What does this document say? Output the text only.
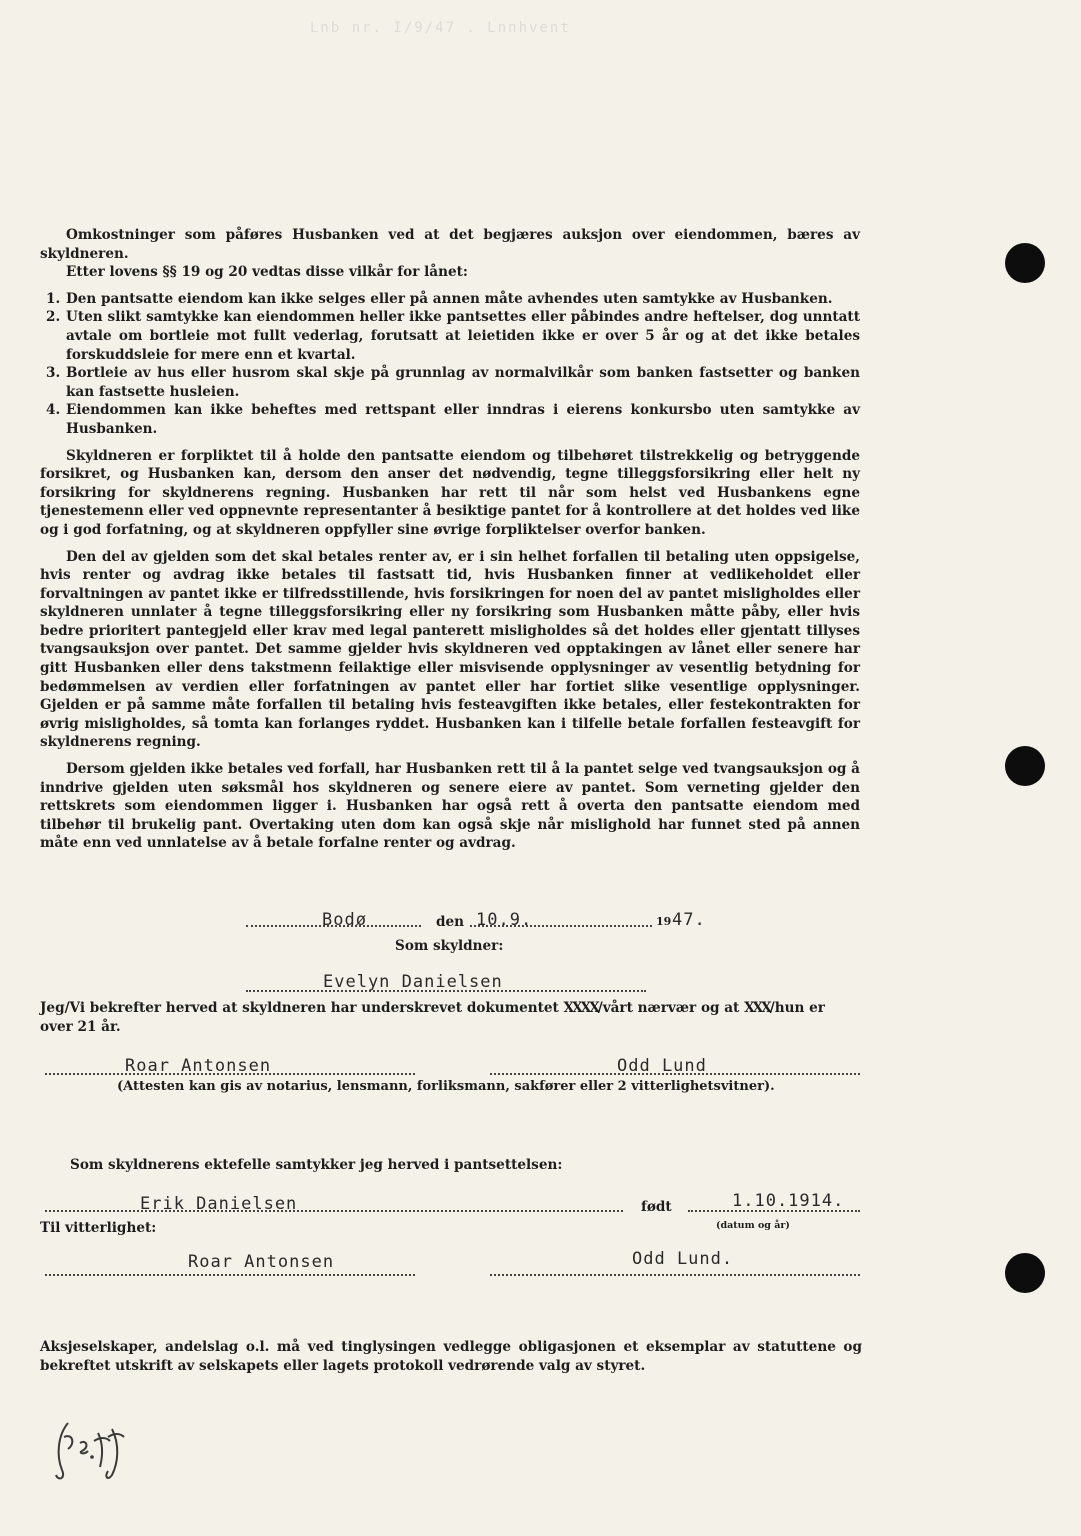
Lnb nr. I/9/47 . Lnnhvent

Omkostninger som påføres Husbanken ved at det begjæres auksjon over eiendommen, bæres av skyldneren.

Etter lovens §§ 19 og 20 vedtas disse vilkår for lånet:

1. Den pantsatte eiendom kan ikke selges eller på annen måte avhendes uten samtykke av Husbanken.
2. Uten slikt samtykke kan eiendommen heller ikke pantsettes eller påbindes andre heftelser, dog unntatt avtale om bortleie mot fullt vederlag, forutsatt at leietiden ikke er over 5 år og at det ikke betales forskuddsleie for mere enn et kvartal.
3. Bortleie av hus eller husrom skal skje på grunnlag av normalvilkår som banken fastsetter og banken kan fastsette husleien.
4. Eiendommen kan ikke beheftes med rettspant eller inndras i eierens konkursbo uten samtykke av Husbanken.

Skyldneren er forpliktet til å holde den pantsatte eiendom og tilbehøret tilstrekkelig og betryggende forsikret, og Husbanken kan, dersom den anser det nødvendig, tegne tilleggsforsikring eller helt ny forsikring for skyldnerens regning. Husbanken har rett til når som helst ved Husbankens egne tjenestemenn eller ved oppnevnte representanter å besiktige pantet for å kontrollere at det holdes ved like og i god forfatning, og at skyldneren oppfyller sine øvrige forpliktelser overfor banken.

Den del av gjelden som det skal betales renter av, er i sin helhet forfallen til betaling uten oppsigelse, hvis renter og avdrag ikke betales til fastsatt tid, hvis Husbanken finner at vedlikeholdet eller forvaltningen av pantet ikke er tilfredsstillende, hvis forsikringen for noen del av pantet misligholdes eller skyldneren unnlater å tegne tilleggsforsikring eller ny forsikring som Husbanken måtte påby, eller hvis bedre prioritert pantegjeld eller krav med legal panterett misligholdes så det holdes eller gjentatt tillyses tvangsauksjon over pantet. Det samme gjelder hvis skyldneren ved opptakingen av lånet eller senere har gitt Husbanken eller dens takstmenn feilaktige eller misvisende opplysninger av vesentlig betydning for bedømmelsen av verdien eller forfatningen av pantet eller har fortiet slike vesentlige opplysninger. Gjelden er på samme måte forfallen til betaling hvis festeavgiften ikke betales, eller festekontrakten for øvrig misligholdes, så tomta kan forlanges ryddet. Husbanken kan i tilfelle betale forfallen festeavgift for skyldnerens regning.

Dersom gjelden ikke betales ved forfall, har Husbanken rett til å la pantet selge ved tvangsauksjon og å inndrive gjelden uten søksmål hos skyldneren og senere eiere av pantet. Som verneting gjelder den rettskrets som eiendommen ligger i. Husbanken har også rett å overta den pantsatte eiendom med tilbehør til brukelig pant. Overtaking uten dom kan også skje når mislighold har funnet sted på annen måte enn ved unnlatelse av å betale forfalne renter og avdrag.

Bodø	den 10.9.	19 47.
Som skyldner:
Evelyn Danielsen
Jeg/Vi bekrefter herved at skyldneren har underskrevet dokumentet XXXX/vårt nærvær og at XXX/hun er
over 21 år.
Roar Antonsen	Odd Lund
(Attesten kan gis av notarius, lensmann, forliksmann, sakfører eller 2 vitterlighetsvitner).
Som skyldnerens ektefelle samtykker jeg herved i pantsettelsen:
Erik Danielsen	født	1.10.1914.
(datum og år)
Til vitterlighet:
Roar Antonsen	Odd Lund.
Aksjeselskaper, andelslag o.l. må ved tinglysingen vedlegge obligasjonen et eksemplar av statuttene og bekreftet utskrift av selskapets eller lagets protokoll vedrørende valg av styret.
